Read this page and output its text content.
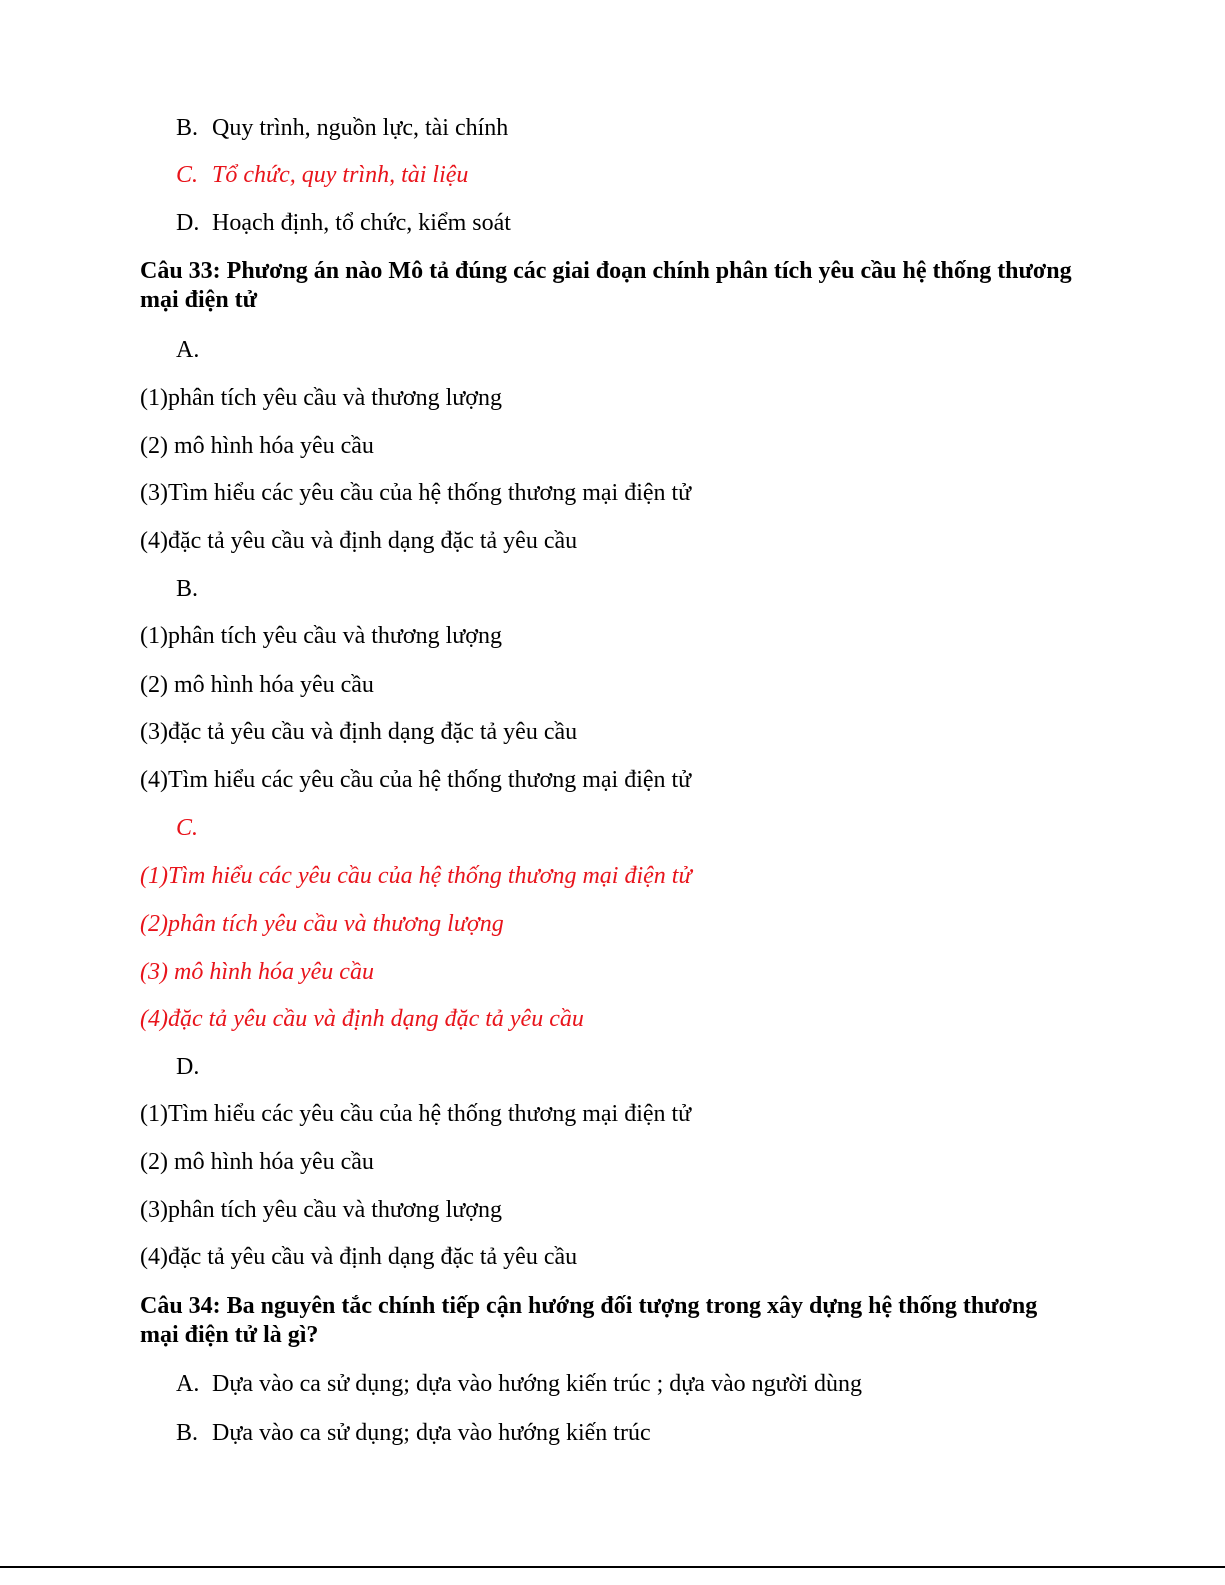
B. Quy trình, nguồn lực, tài chính
C. Tổ chức, quy trình, tài liệu
D. Hoạch định, tổ chức, kiểm soát
Câu 33: Phương án nào Mô tả đúng các giai đoạn chính phân tích yêu cầu hệ thống thương mại điện tử
A.
(1)phân tích yêu cầu và thương lượng
(2) mô hình hóa yêu cầu
(3)Tìm hiểu các yêu cầu của hệ thống thương mại điện tử
(4)đặc tả yêu cầu và định dạng đặc tả yêu cầu
B.
(1)phân tích yêu cầu và thương lượng
(2) mô hình hóa yêu cầu
(3)đặc tả yêu cầu và định dạng đặc tả yêu cầu
(4)Tìm hiểu các yêu cầu của hệ thống thương mại điện tử
C.
(1)Tìm hiểu các yêu cầu của hệ thống thương mại điện tử
(2)phân tích yêu cầu và thương lượng
(3) mô hình hóa yêu cầu
(4)đặc tả yêu cầu và định dạng đặc tả yêu cầu
D.
(1)Tìm hiểu các yêu cầu của hệ thống thương mại điện tử
(2) mô hình hóa yêu cầu
(3)phân tích yêu cầu và thương lượng
(4)đặc tả yêu cầu và định dạng đặc tả yêu cầu
Câu 34: Ba nguyên tắc chính tiếp cận hướng đối tượng trong xây dựng hệ thống thương mại điện tử là gì?
A. Dựa vào ca sử dụng; dựa vào hướng kiến trúc ; dựa vào người dùng
B. Dựa vào ca sử dụng; dựa vào hướng kiến trúc
